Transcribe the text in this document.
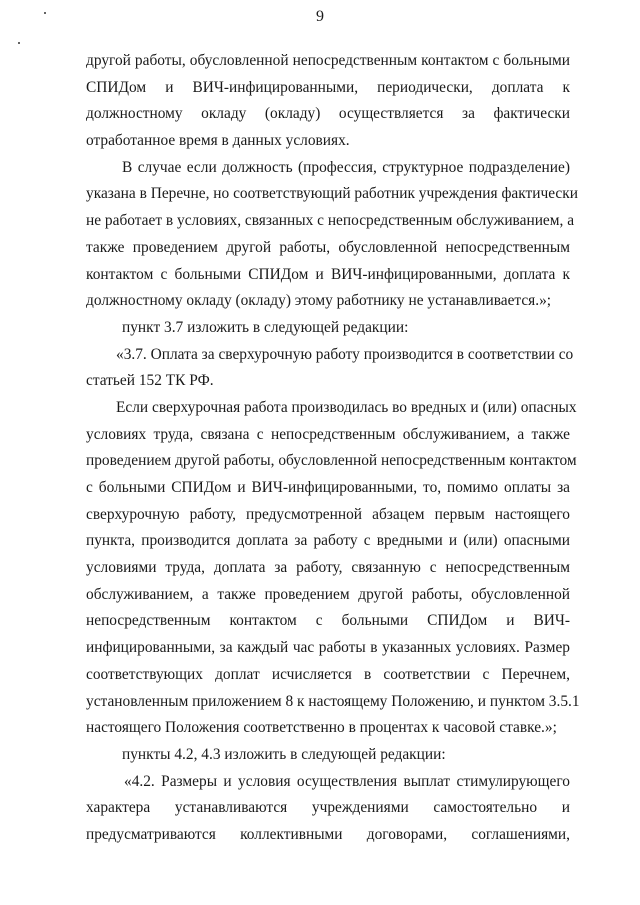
9
другой работы, обусловленной непосредственным контактом с больными
СПИДом и ВИЧ-инфицированными, периодически, доплата к
должностному окладу (окладу) осуществляется за фактически
отработанное время в данных условиях.
В случае если должность (профессия, структурное подразделение)
указана в Перечне, но соответствующий работник учреждения фактически
не работает в условиях, связанных с непосредственным обслуживанием, а
также проведением другой работы, обусловленной непосредственным
контактом с больными СПИДом и ВИЧ-инфицированными, доплата к
должностному окладу (окладу) этому работнику не устанавливается.»;
пункт 3.7 изложить в следующей редакции:
«3.7. Оплата за сверхурочную работу производится в соответствии со
статьей 152 ТК РФ.
Если сверхурочная работа производилась во вредных и (или) опасных
условиях труда, связана с непосредственным обслуживанием, а также
проведением другой работы, обусловленной непосредственным контактом
с больными СПИДом и ВИЧ-инфицированными, то, помимо оплаты за
сверхурочную работу, предусмотренной абзацем первым настоящего
пункта, производится доплата за работу с вредными и (или) опасными
условиями труда, доплата за работу, связанную с непосредственным
обслуживанием, а также проведением другой работы, обусловленной
непосредственным контактом с больными СПИДом и ВИЧ-
инфицированными, за каждый час работы в указанных условиях. Размер
соответствующих доплат исчисляется в соответствии с Перечнем,
установленным приложением 8 к настоящему Положению, и пунктом 3.5.1
настоящего Положения соответственно в процентах к часовой ставке.»;
пункты 4.2, 4.3 изложить в следующей редакции:
«4.2. Размеры и условия осуществления выплат стимулирующего
характера устанавливаются учреждениями самостоятельно и
предусматриваются коллективными договорами, соглашениями,
